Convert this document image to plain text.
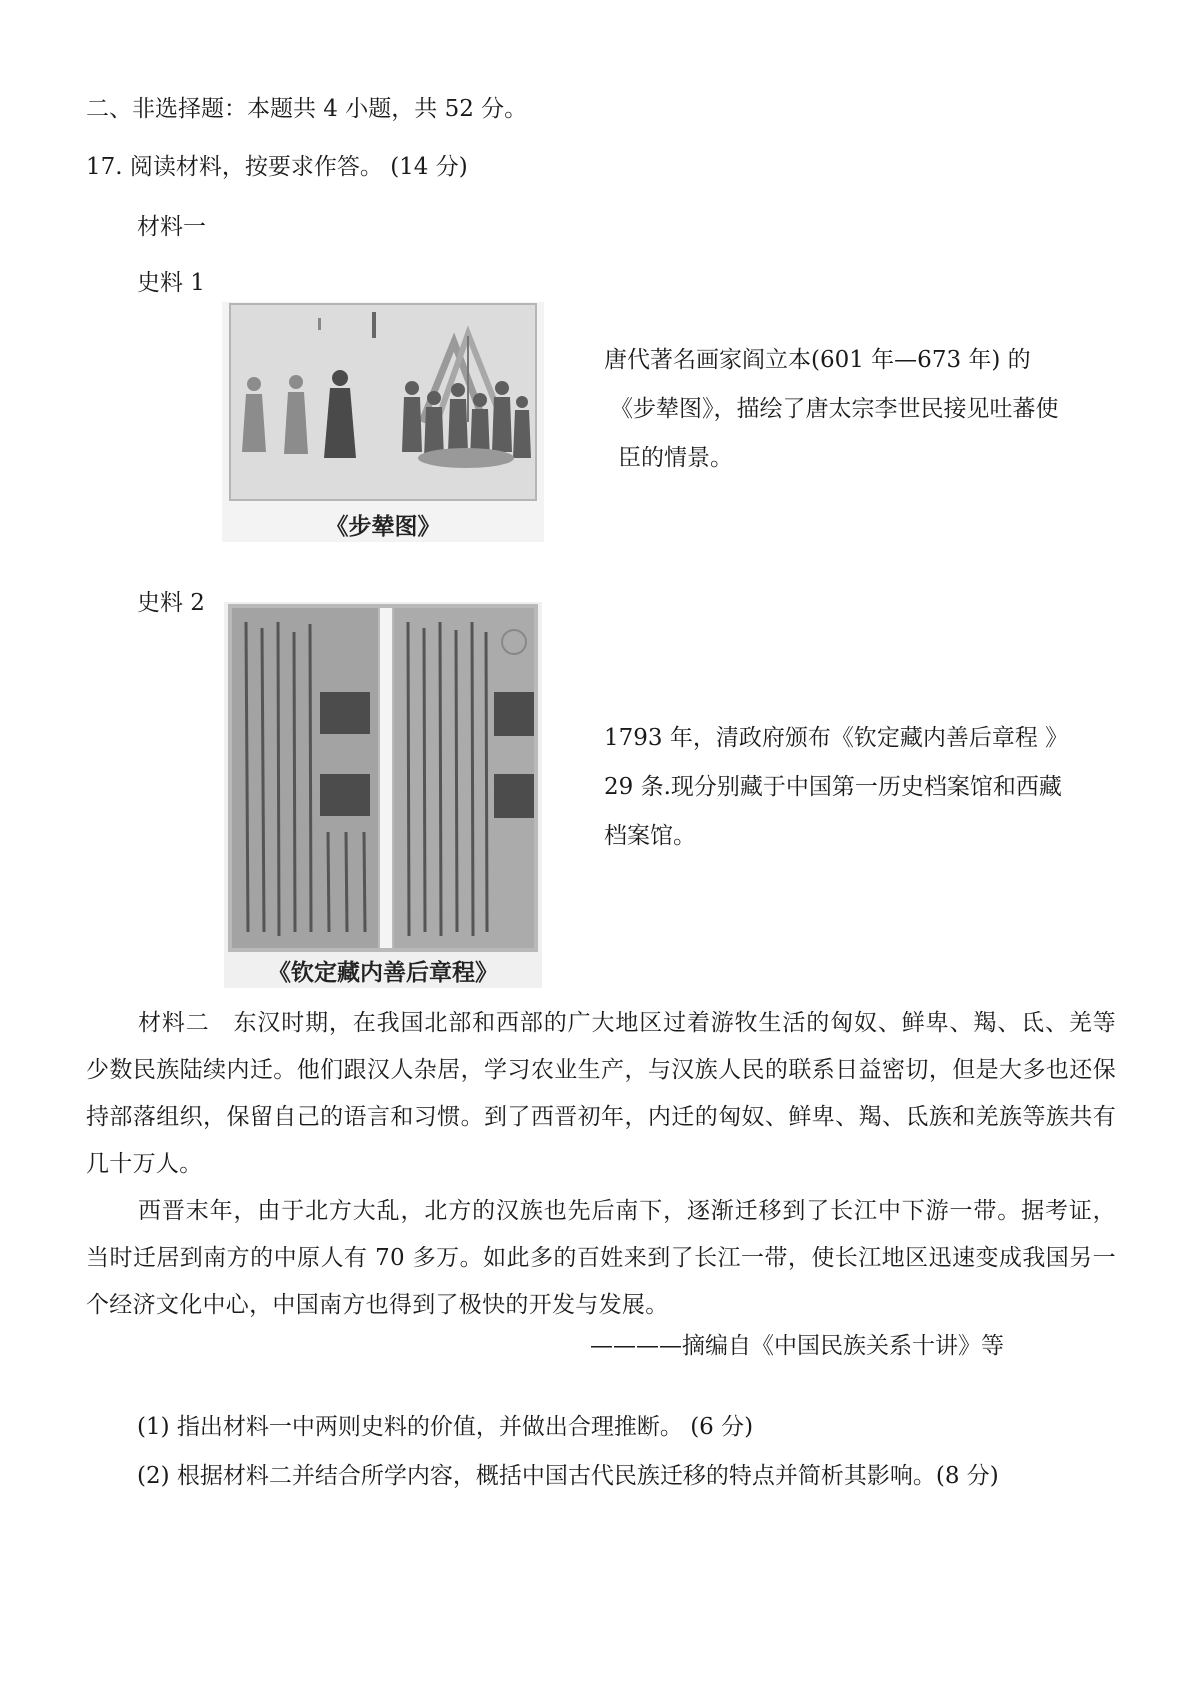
二、非选择题：本题共 4 小题，共 52 分。
17. 阅读材料，按要求作答。 (14 分)
材料一
史料 1
《步辇图》
唐代著名画家阎立本(601 年—673 年) 的
《步辇图》，描绘了唐太宗李世民接见吐蕃使
臣的情景。
史料 2
《钦定藏内善后章程》
1793 年，清政府颁布《钦定藏内善后章程 》
29 条.现分别藏于中国第一历史档案馆和西藏
档案馆。
材料二　东汉时期，在我国北部和西部的广大地区过着游牧生活的匈奴、鲜卑、羯、氐、羌等少数民族陆续内迁。他们跟汉人杂居，学习农业生产，与汉族人民的联系日益密切，但是大多也还保持部落组织，保留自己的语言和习惯。到了西晋初年，内迁的匈奴、鲜卑、羯、氐族和羌族等族共有几十万人。
西晋末年，由于北方大乱，北方的汉族也先后南下，逐渐迁移到了长江中下游一带。据考证，当时迁居到南方的中原人有 70 多万。如此多的百姓来到了长江一带，使长江地区迅速变成我国另一个经济文化中心，中国南方也得到了极快的开发与发展。
————摘编自《中国民族关系十讲》等
(1) 指出材料一中两则史料的价值，并做出合理推断。 (6 分)
(2) 根据材料二并结合所学内容，概括中国古代民族迁移的特点并简析其影响。(8 分)
